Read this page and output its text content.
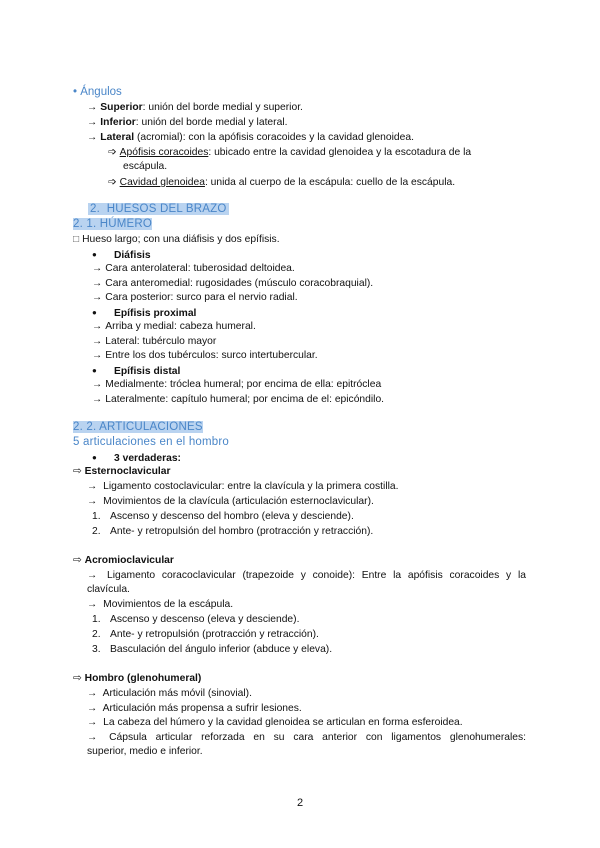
• Ángulos
→ Superior: unión del borde medial y superior.
→ Inferior: unión del borde medial y lateral.
→ Lateral (acromial): con la apófisis coracoides y la cavidad glenoidea.
➩ Apófisis coracoides: ubicado entre la cavidad glenoidea y la escotadura de la
escápula.
➩ Cavidad glenoidea: unida al cuerpo de la escápula: cuello de la escápula.
2. HUESOS DEL BRAZO
2. 1. HÚMERO
□ Hueso largo; con una diáfisis y dos epífisis.
● Diáfisis
→ Cara anterolateral: tuberosidad deltoidea.
→ Cara anteromedial: rugosidades (músculo coracobraquial).
→ Cara posterior: surco para el nervio radial.
● Epífisis proximal
→ Arriba y medial: cabeza humeral.
→ Lateral: tubérculo mayor
→ Entre los dos tubérculos: surco intertubercular.
● Epífisis distal
→ Medialmente: tróclea humeral; por encima de ella: epitróclea
→ Lateralmente: capítulo humeral; por encima de el: epicóndilo.
2. 2. ARTICULACIONES
5 articulaciones en el hombro
● 3 verdaderas:
⇨ Esternoclavicular
→ Ligamento costoclavicular: entre la clavícula y la primera costilla.
→ Movimientos de la clavícula (articulación esternoclavicular).
1. Ascenso y descenso del hombro (eleva y desciende).
2. Ante- y retropulsión del hombro (protracción y retracción).
⇨ Acromioclavicular
→ Ligamento coracoclavicular (trapezoide y conoide): Entre la apófisis coracoides y la
clavícula.
→ Movimientos de la escápula.
1. Ascenso y descenso (eleva y desciende).
2. Ante- y retropulsión (protracción y retracción).
3. Basculación del ángulo inferior (abduce y eleva).
⇨ Hombro (glenohumeral)
→ Articulación más móvil (sinovial).
→ Articulación más propensa a sufrir lesiones.
→ La cabeza del húmero y la cavidad glenoidea se articulan en forma esferoidea.
→ Cápsula articular reforzada en su cara anterior con ligamentos glenohumerales:
superior, medio e inferior.
2
